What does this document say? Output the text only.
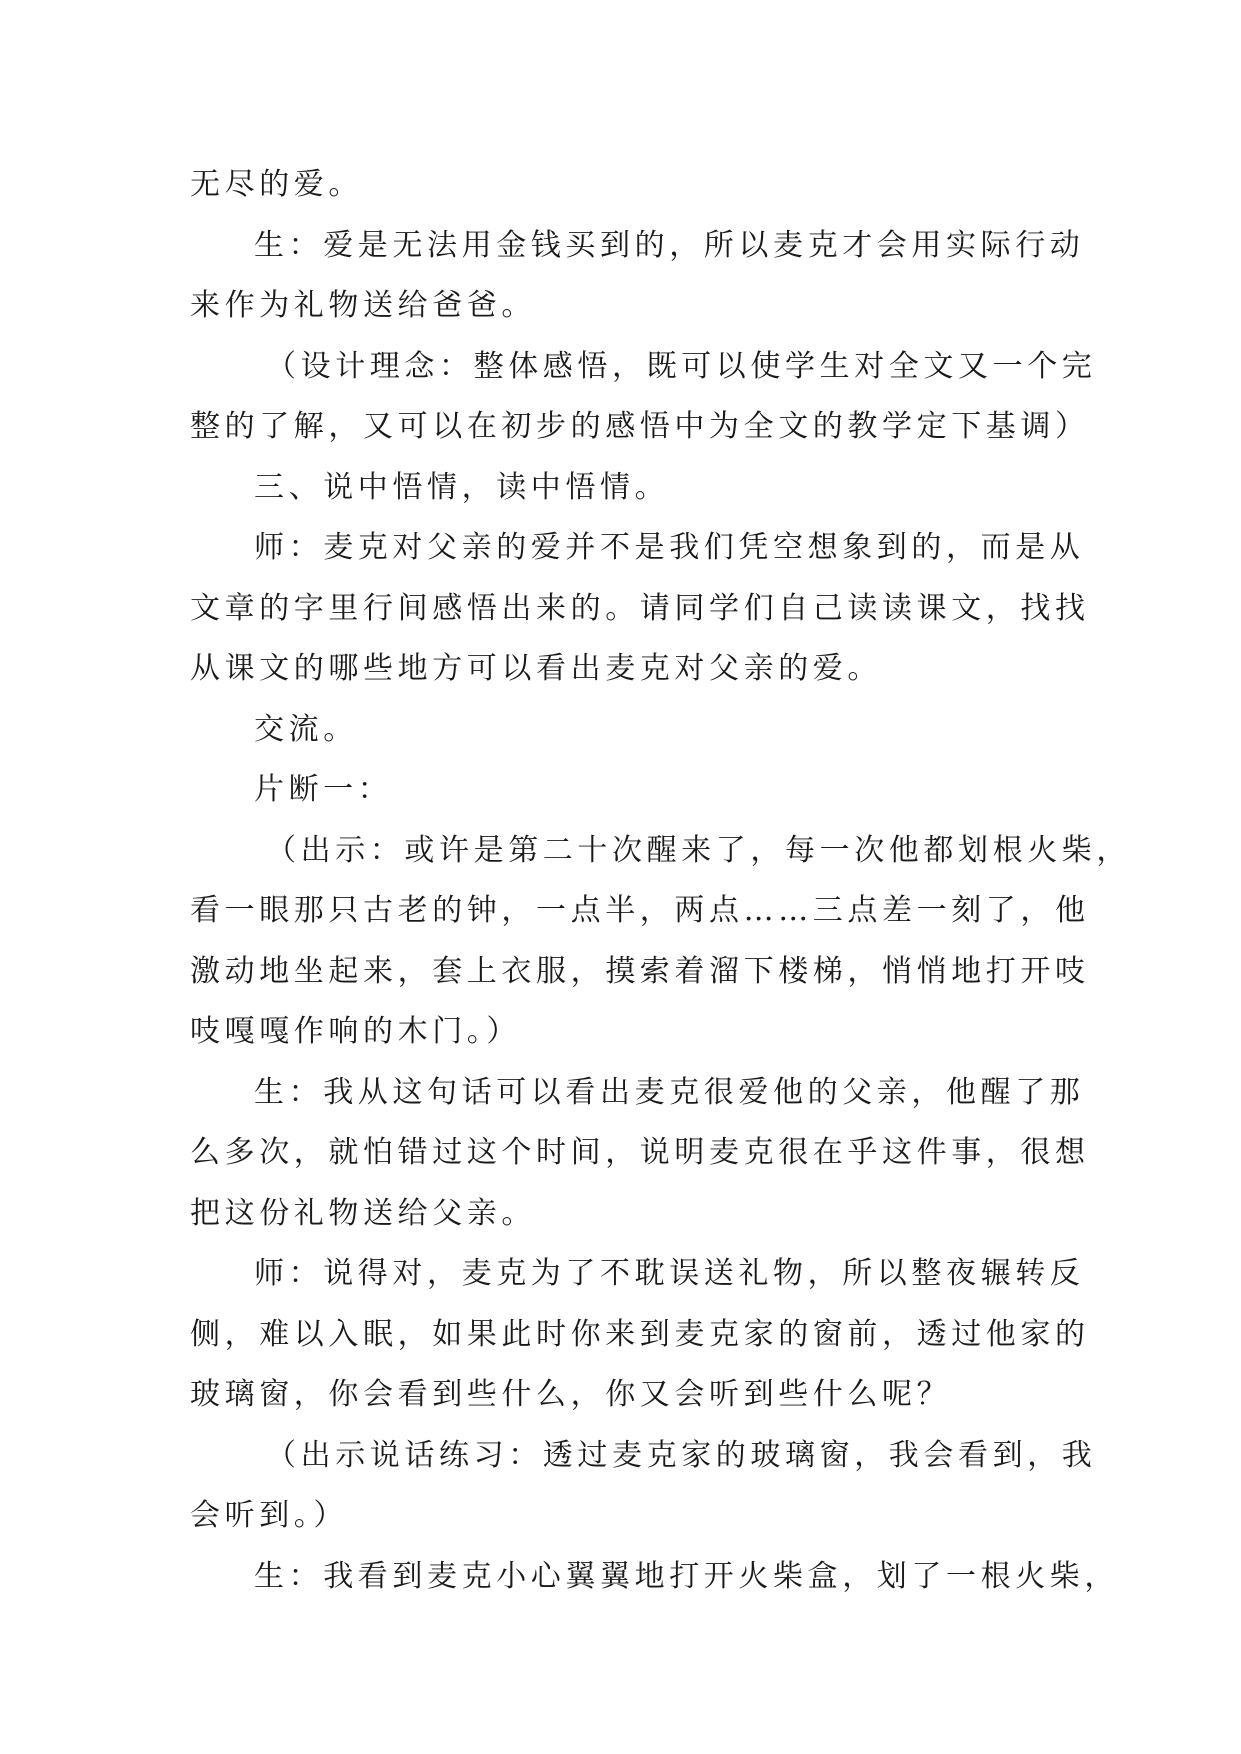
无尽的爱。
生：爱是无法用金钱买到的，所以麦克才会用实际行动
来作为礼物送给爸爸。
（设计理念：整体感悟，既可以使学生对全文又一个完
整的了解，又可以在初步的感悟中为全文的教学定下基调）
三、说中悟情，读中悟情。
师：麦克对父亲的爱并不是我们凭空想象到的，而是从
文章的字里行间感悟出来的。请同学们自己读读课文，找找
从课文的哪些地方可以看出麦克对父亲的爱。
交流。
片断一：
（出示：或许是第二十次醒来了，每一次他都划根火柴，
看一眼那只古老的钟，一点半，两点……三点差一刻了，他
激动地坐起来，套上衣服，摸索着溜下楼梯，悄悄地打开吱
吱嘎嘎作响的木门。）
生：我从这句话可以看出麦克很爱他的父亲，他醒了那
么多次，就怕错过这个时间，说明麦克很在乎这件事，很想
把这份礼物送给父亲。
师：说得对，麦克为了不耽误送礼物，所以整夜辗转反
侧，难以入眠，如果此时你来到麦克家的窗前，透过他家的
玻璃窗，你会看到些什么，你又会听到些什么呢？
（出示说话练习：透过麦克家的玻璃窗，我会看到，我
会听到。）
生：我看到麦克小心翼翼地打开火柴盒，划了一根火柴，
